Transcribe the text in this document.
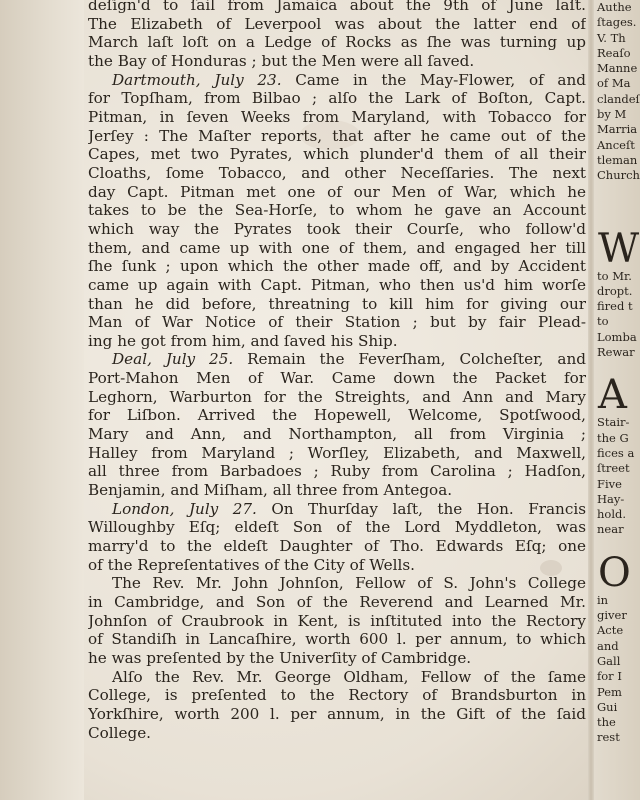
deſign'd to ſail from Jamaica about the 9th of June laſt.

The Elizabeth of Leverpool was about the latter end of

March laſt loſt on a Ledge of Rocks as ſhe was turning up

the Bay of Honduras ; but the Men were all ſaved.

Dartmouth, July 23. Came in the May-Flower, of and

for Topſham, from Bilbao ; alſo the Lark of Boſton, Capt.

Pitman, in ſeven Weeks from Maryland, with Tobacco for

Jerſey : The Maſter reports, that after he came out of the

Capes, met two Pyrates, which plunder'd them of all their

Cloaths, ſome Tobacco, and other Neceſſaries. The next

day Capt. Pitman met one of our Men of War, which he

takes to be the Sea-Horſe, to whom he gave an Account

which way the Pyrates took their Courſe, who follow'd

them, and came up with one of them, and engaged her till

ſhe ſunk ; upon which the other made off, and by Accident

came up again with Capt. Pitman, who then us'd him worſe

than he did before, threatning to kill him for giving our

Man of War Notice of their Station ; but by fair Plead-

ing he got from him, and ſaved his Ship.

Deal, July 25. Remain the Feverſham, Colcheſter, and

Port-Mahon Men of War. Came down the Packet for

Leghorn, Warburton for the Streights, and Ann and Mary

for Liſbon. Arrived the Hopewell, Welcome, Spotſwood,

Mary and Ann, and Northampton, all from Virginia ;

Halley from Maryland ; Worſley, Elizabeth, and Maxwell,

all three from Barbadoes ; Ruby from Carolina ; Hadſon,

Benjamin, and Miſham, all three from Antegoa.

London, July 27. On Thurſday laſt, the Hon. Francis

Willoughby Eſq; eldeſt Son of the Lord Myddleton, was

marry'd to the eldeſt Daughter of Tho. Edwards Eſq; one

of the Repreſentatives of the City of Wells.

The Rev. Mr. John Johnſon, Fellow of S. John's College

in Cambridge, and Son of the Reverend and Learned Mr.

Johnſon of Craubrook in Kent, is inſtituted into the Rectory

of Standiſh in Lancaſhire, worth 600 l. per annum, to which

he was preſented by the Univerſity of Cambridge.

Alſo the Rev. Mr. George Oldham, Fellow of the ſame

College, is preſented to the Rectory of Brandsburton in

Yorkſhire, worth 200 l. per annum, in the Gift of the ſaid

College.

Authe
ſtages.
V. Th
Reaſo
Manne
of Ma
clandeſ
by M
Marria
Anceſt
tleman
Church
W
to Mr.
dropt.
fired t
to
Lomba
Rewar
A
Stair-
the G
fices a
ſtreet
Five
Hay-
hold.
near
O
in
giver
Acte
and
Gall
for I
Pem
Gui
the
rest
